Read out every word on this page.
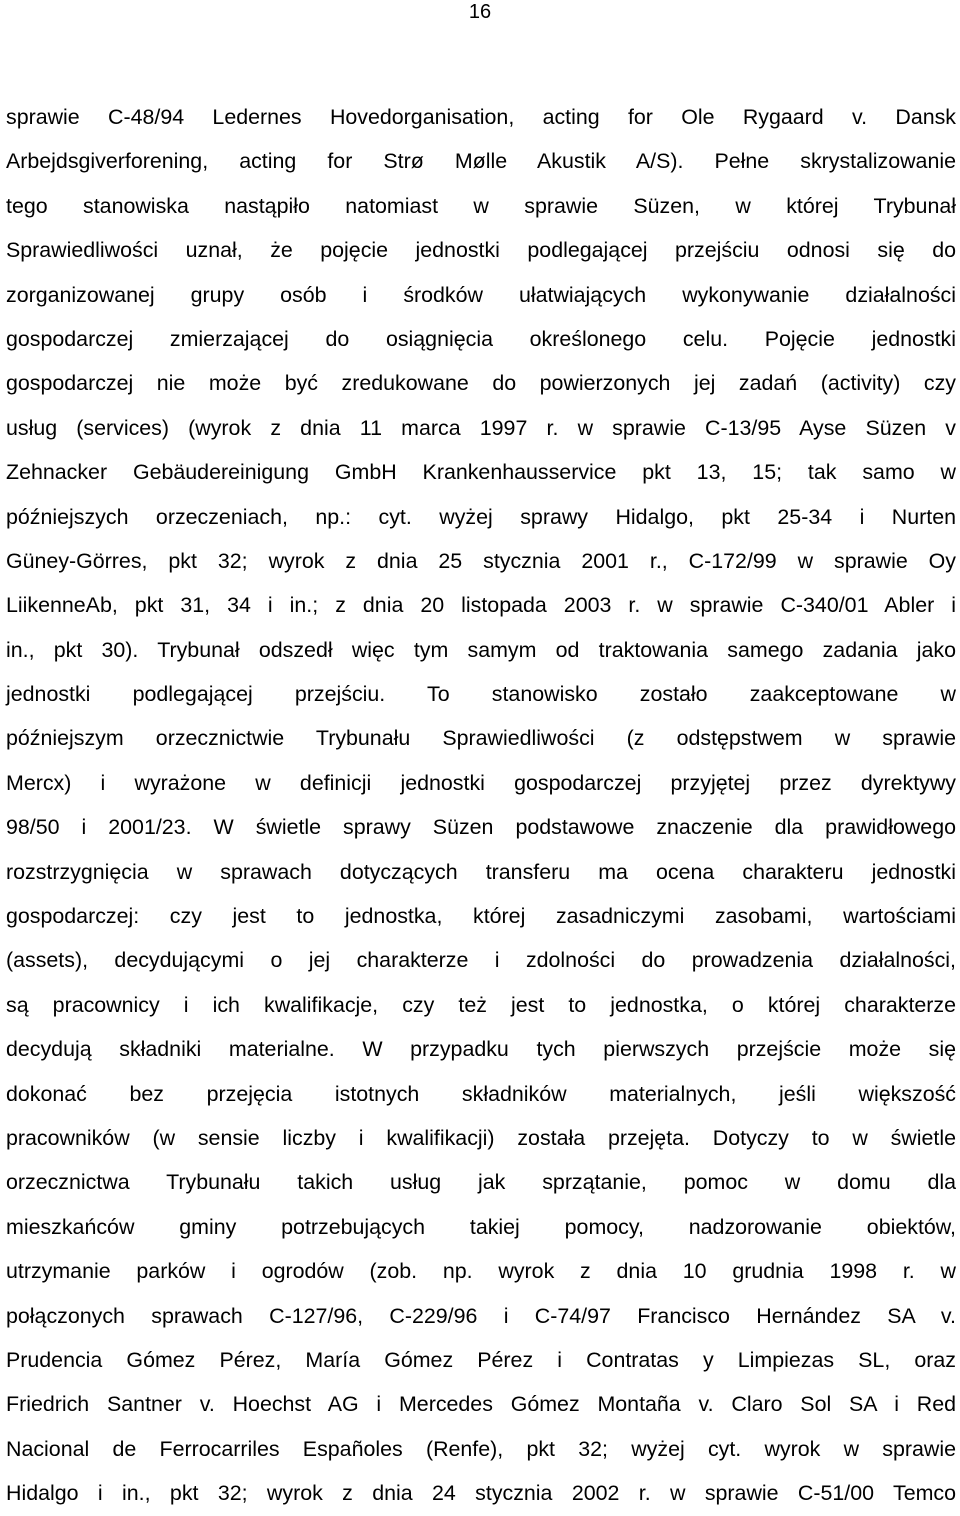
16
sprawie C-48/94 Ledernes Hovedorganisation, acting for Ole Rygaard v. Dansk
Arbejdsgiverforening, acting for Strø Mølle Akustik A/S). Pełne skrystalizowanie
tego stanowiska nastąpiło natomiast w sprawie Süzen, w której Trybunał
Sprawiedliwości uznał, że pojęcie jednostki podlegającej przejściu odnosi się do
zorganizowanej grupy osób i środków ułatwiających wykonywanie działalności
gospodarczej zmierzającej do osiągnięcia określonego celu. Pojęcie jednostki
gospodarczej nie może być zredukowane do powierzonych jej zadań (activity) czy
usług (services) (wyrok z dnia 11 marca 1997 r. w sprawie C-13/95 Ayse Süzen v
Zehnacker Gebäudereinigung GmbH Krankenhausservice pkt 13, 15; tak samo w
późniejszych orzeczeniach, np.: cyt. wyżej sprawy Hidalgo, pkt 25-34 i Nurten
Güney-Görres, pkt 32; wyrok z dnia 25 stycznia 2001 r., C-172/99 w sprawie Oy
LiikenneAb, pkt 31, 34 i in.; z dnia 20 listopada 2003 r. w sprawie C-340/01 Abler i
in., pkt 30). Trybunał odszedł więc tym samym od traktowania samego zadania jako
jednostki podlegającej przejściu. To stanowisko zostało zaakceptowane w
późniejszym orzecznictwie Trybunału Sprawiedliwości (z odstępstwem w sprawie
Mercx) i wyrażone w definicji jednostki gospodarczej przyjętej przez dyrektywy
98/50 i 2001/23. W świetle sprawy Süzen podstawowe znaczenie dla prawidłowego
rozstrzygnięcia w sprawach dotyczących transferu ma ocena charakteru jednostki
gospodarczej: czy jest to jednostka, której zasadniczymi zasobami, wartościami
(assets), decydującymi o jej charakterze i zdolności do prowadzenia działalności,
są pracownicy i ich kwalifikacje, czy też jest to jednostka, o której charakterze
decydują składniki materialne. W przypadku tych pierwszych przejście może się
dokonać bez przejęcia istotnych składników materialnych, jeśli większość
pracowników (w sensie liczby i kwalifikacji) została przejęta. Dotyczy to w świetle
orzecznictwa Trybunału takich usług jak sprzątanie, pomoc w domu dla
mieszkańców gminy potrzebujących takiej pomocy, nadzorowanie obiektów,
utrzymanie parków i ogrodów (zob. np. wyrok z dnia 10 grudnia 1998 r. w
połączonych sprawach C-127/96, C-229/96 i C-74/97 Francisco Hernández SA v.
Prudencia Gómez Pérez, María Gómez Pérez i Contratas y Limpiezas SL, oraz
Friedrich Santner v. Hoechst AG i Mercedes Gómez Montaña v. Claro Sol SA i Red
Nacional de Ferrocarriles Españoles (Renfe), pkt 32; wyżej cyt. wyrok w sprawie
Hidalgo i in., pkt 32; wyrok z dnia 24 stycznia 2002 r. w sprawie C-51/00 Temco
